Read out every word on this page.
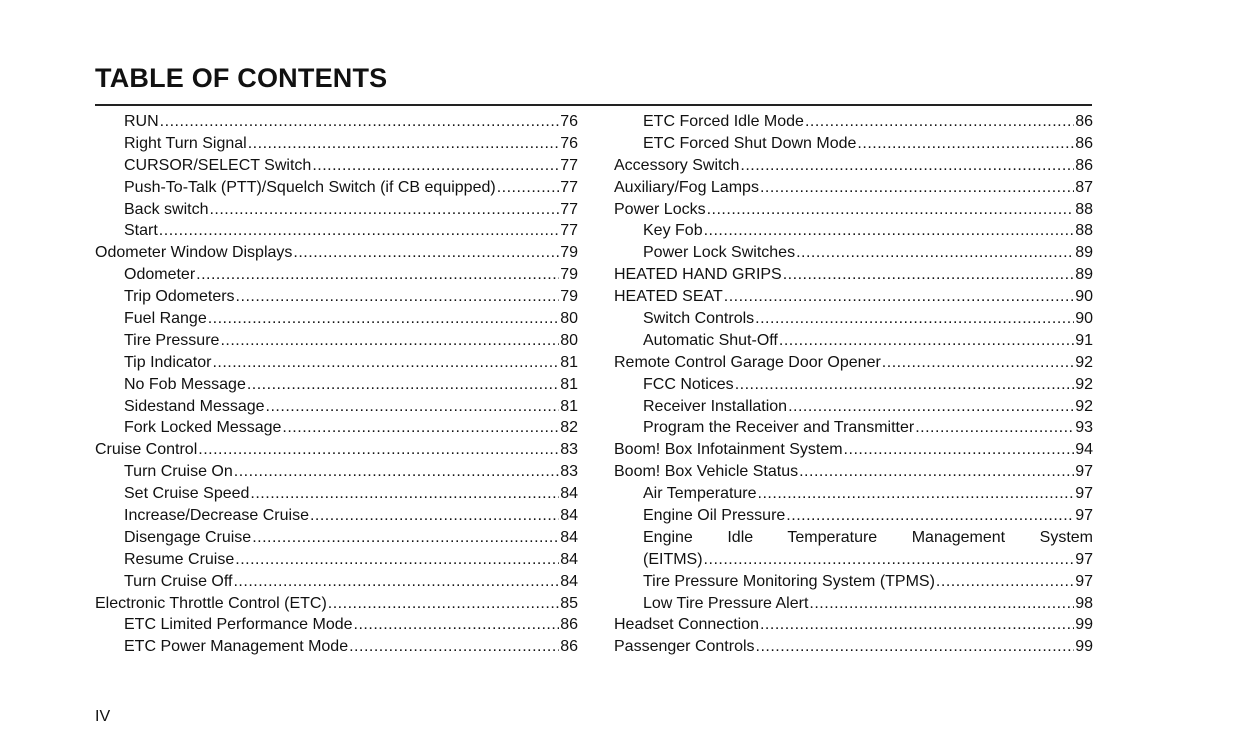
TABLE OF CONTENTS
RUN .....	76
Right Turn Signal .....	76
CURSOR/SELECT Switch .....	77
Push-To-Talk (PTT)/Squelch Switch (if CB equipped) .....	77
Back switch .....	77
Start .....	77
Odometer Window Displays .....	79
Odometer .....	79
Trip Odometers .....	79
Fuel Range .....	80
Tire Pressure .....	80
Tip Indicator .....	81
No Fob Message .....	81
Sidestand Message .....	81
Fork Locked Message .....	82
Cruise Control .....	83
Turn Cruise On .....	83
Set Cruise Speed .....	84
Increase/Decrease Cruise .....	84
Disengage Cruise .....	84
Resume Cruise .....	84
Turn Cruise Off .....	84
Electronic Throttle Control (ETC) .....	85
ETC Limited Performance Mode .....	86
ETC Power Management Mode .....	86
ETC Forced Idle Mode .....	86
ETC Forced Shut Down Mode .....	86
Accessory Switch .....	86
Auxiliary/Fog Lamps .....	87
Power Locks .....	88
Key Fob .....	88
Power Lock Switches .....	89
HEATED HAND GRIPS .....	89
HEATED SEAT .....	90
Switch Controls .....	90
Automatic Shut-Off .....	91
Remote Control Garage Door Opener .....	92
FCC Notices .....	92
Receiver Installation .....	92
Program the Receiver and Transmitter .....	93
Boom! Box Infotainment System .....	94
Boom! Box Vehicle Status .....	97
Air Temperature .....	97
Engine Oil Pressure .....	97
Engine Idle Temperature Management System
(EITMS) .....	97
Tire Pressure Monitoring System (TPMS) .....	97
Low Tire Pressure Alert .....	98
Headset Connection .....	99
Passenger Controls .....	99
IV
